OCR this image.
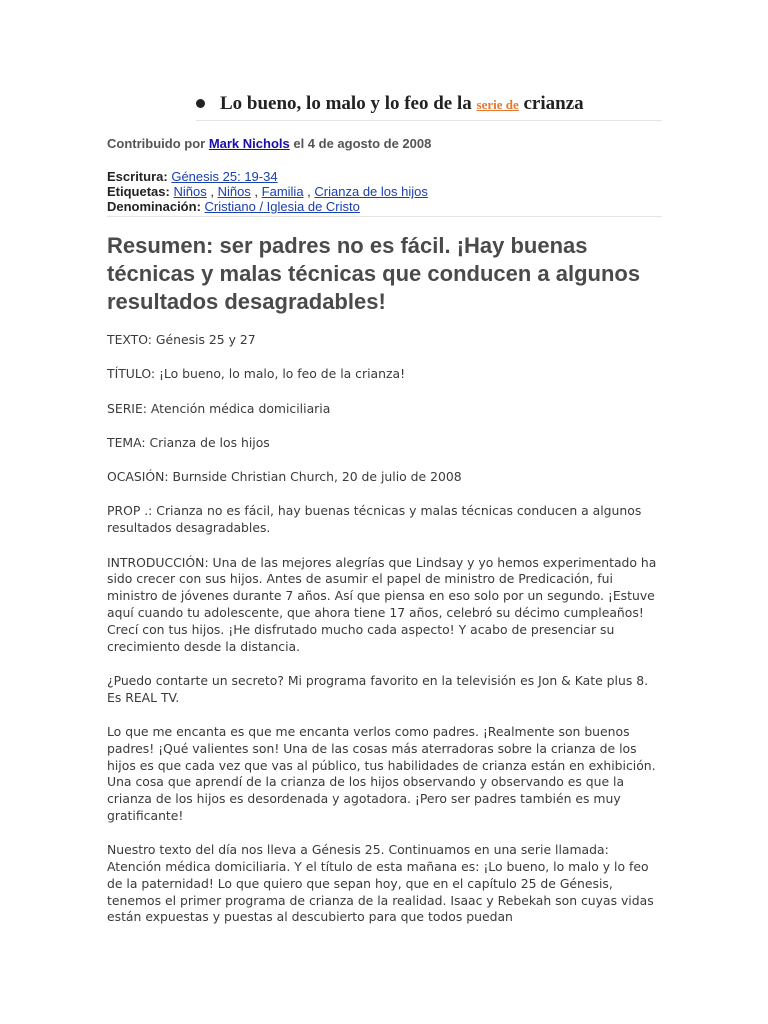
Lo bueno, lo malo y lo feo de la serie de crianza
Contribuido por Mark Nichols el 4 de agosto de 2008
Escritura: Génesis 25: 19-34
Etiquetas: Niños , Niños , Familia , Crianza de los hijos
Denominación: Cristiano / Iglesia de Cristo
Resumen: ser padres no es fácil. ¡Hay buenas técnicas y malas técnicas que conducen a algunos resultados desagradables!

TEXTO: Génesis 25 y 27

TÍTULO: ¡Lo bueno, lo malo, lo feo de la crianza!

SERIE: Atención médica domiciliaria

TEMA: Crianza de los hijos

OCASIÓN: Burnside Christian Church, 20 de julio de 2008

PROP .: Crianza no es fácil, hay buenas técnicas y malas técnicas conducen a algunos resultados desagradables.

INTRODUCCIÓN: Una de las mejores alegrías que Lindsay y yo hemos experimentado ha sido crecer con sus hijos. Antes de asumir el papel de ministro de Predicación, fui ministro de jóvenes durante 7 años. Así que piensa en eso solo por un segundo. ¡Estuve aquí cuando tu adolescente, que ahora tiene 17 años, celebró su décimo cumpleaños! Crecí con tus hijos. ¡He disfrutado mucho cada aspecto! Y acabo de presenciar su crecimiento desde la distancia.

¿Puedo contarte un secreto? Mi programa favorito en la televisión es Jon & Kate plus 8. Es REAL TV.

Lo que me encanta es que me encanta verlos como padres. ¡Realmente son buenos padres! ¡Qué valientes son! Una de las cosas más aterradoras sobre la crianza de los hijos es que cada vez que vas al público, tus habilidades de crianza están en exhibición. Una cosa que aprendí de la crianza de los hijos observando y observando es que la crianza de los hijos es desordenada y agotadora. ¡Pero ser padres también es muy gratificante!

Nuestro texto del día nos lleva a Génesis 25. Continuamos en una serie llamada: Atención médica domiciliaria. Y el título de esta mañana es: ¡Lo bueno, lo malo y lo feo de la paternidad! Lo que quiero que sepan hoy, que en el capítulo 25 de Génesis, tenemos el primer programa de crianza de la realidad. Isaac y Rebekah son cuyas vidas están expuestas y puestas al descubierto para que todos puedan
